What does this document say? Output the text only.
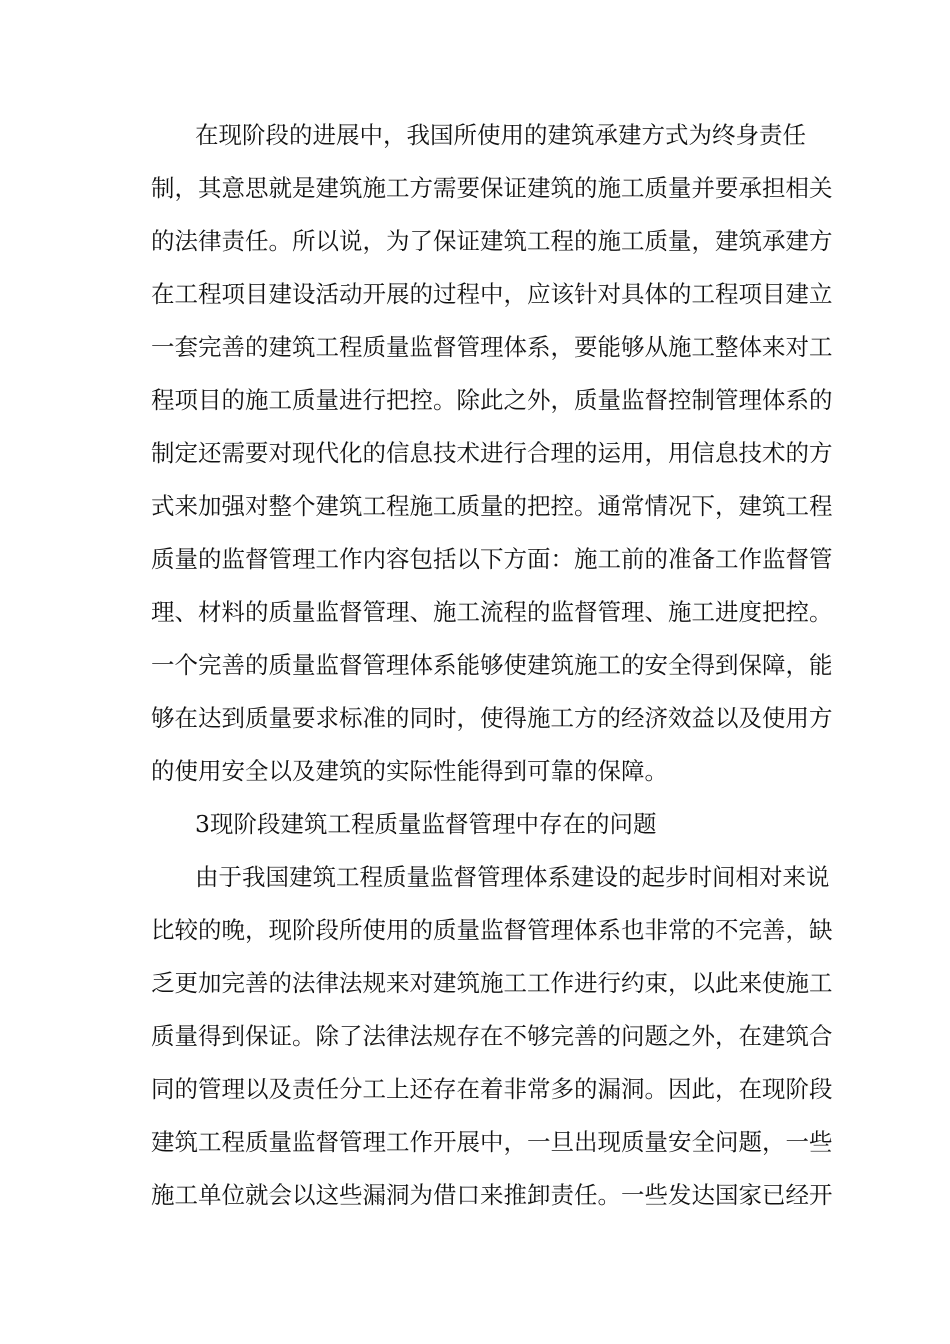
在现阶段的进展中，我国所使用的建筑承建方式为终身责任
制，其意思就是建筑施工方需要保证建筑的施工质量并要承担相关
的法律责任。所以说，为了保证建筑工程的施工质量，建筑承建方
在工程项目建设活动开展的过程中，应该针对具体的工程项目建立
一套完善的建筑工程质量监督管理体系，要能够从施工整体来对工
程项目的施工质量进行把控。除此之外，质量监督控制管理体系的
制定还需要对现代化的信息技术进行合理的运用，用信息技术的方
式来加强对整个建筑工程施工质量的把控。通常情况下，建筑工程
质量的监督管理工作内容包括以下方面：施工前的准备工作监督管
理、材料的质量监督管理、施工流程的监督管理、施工进度把控。
一个完善的质量监督管理体系能够使建筑施工的安全得到保障，能
够在达到质量要求标准的同时，使得施工方的经济效益以及使用方
的使用安全以及建筑的实际性能得到可靠的保障。
3现阶段建筑工程质量监督管理中存在的问题
由于我国建筑工程质量监督管理体系建设的起步时间相对来说
比较的晚，现阶段所使用的质量监督管理体系也非常的不完善，缺
乏更加完善的法律法规来对建筑施工工作进行约束，以此来使施工
质量得到保证。除了法律法规存在不够完善的问题之外，在建筑合
同的管理以及责任分工上还存在着非常多的漏洞。因此，在现阶段
建筑工程质量监督管理工作开展中，一旦出现质量安全问题，一些
施工单位就会以这些漏洞为借口来推卸责任。一些发达国家已经开
